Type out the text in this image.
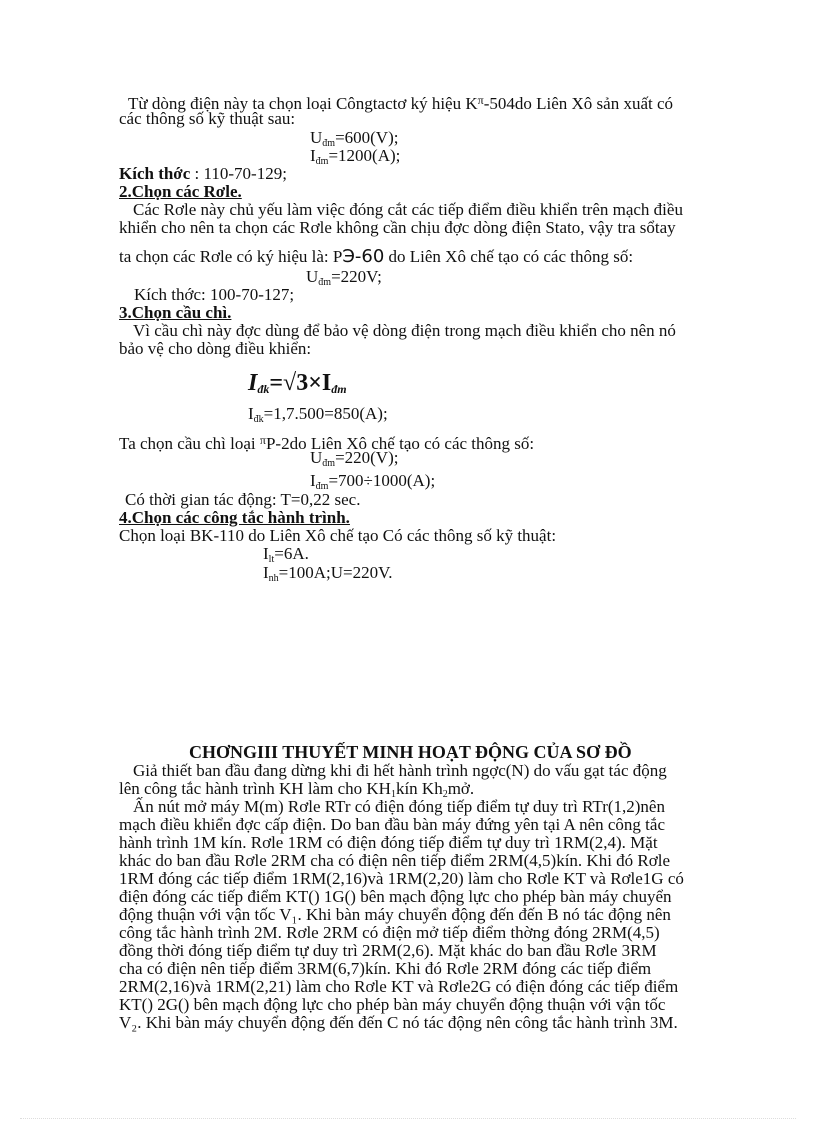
Từ dòng điện này ta chọn loại Côngtactơ ký hiệu $K^\pi-504do$ Liên Xô sản xuất có
các thông số kỹ thuật sau:
$U_{đm}=600(V)$;
$I_{đm}=1200(A)$;
Kích thớc : 110-70-129;
2.Chọn các Rơle.
Các Rơle này chủ yếu làm việc đóng cắt các tiếp điểm điều khiển trên mạch điều
khiển cho nên ta chọn các Rơle không cần chịu đợc dòng điện Stato, vậy tra sổtay
ta chọn các Rơle có ký hiệu là: PЭ-60 do Liên Xô chế tạo có các thông số:
$U_{đm}=220V$;
Kích thớc: 100-70-127;
3.Chọn cầu chì.
Vì cầu chì này đợc dùng để bảo vệ dòng điện trong mạch điều khiển cho nên nó
bảo vệ cho dòng điều khiển:
$I_{đk}=√3\times I_{đm}$
$I_{đk}=1,7.500=850(A)$;
Ta chọn cầu chì loại $^\pi$P-2do Liên Xô chế tạo có các thông số:
$U_{đm}=220(V)$;
$I_{đm}=700\div 1000(A)$;
Có thời gian tác động: T=0,22 sec.
4.Chọn các công tắc hành trình.
Chọn loại BK-110 do Liên Xô chế tạo Có các thông số kỹ thuật:
$I_{lt}=6A$.
$I_{nh}=100A;U=220V$.
CHƠNGIII THUYẾT MINH HOẠT ĐỘNG CỦA SƠ ĐỒ
Giả thiết ban đầu đang dừng khi đi hết hành trình ngợc(N) do vấu gạt tác động
lên công tắc hành trình KH làm cho $KH_1kín$ $Kh_2mở$.
Ấn nút mở máy M(m) Rơle RTr có điện đóng tiếp điểm tự duy trì RTr(1,2)nên
mạch điều khiển đợc cấp điện. Do ban đầu bàn máy đứng yên tại A nên công tắc
hành trình 1M kín. Rơle 1RM có điện đóng tiếp điểm tự duy trì 1RM(2,4). Mặt
khác do ban đầu Rơle 2RM cha có điện nên tiếp điểm 2RM(4,5)kín. Khi đó Rơle
1RM đóng các tiếp điểm 1RM(2,16)và 1RM(2,20) làm cho Rơle KT và Rơle1G có
điện đóng các tiếp điểm KT() 1G() bên mạch động lực cho phép bàn máy chuyển
động thuận với vận tốc V₁. Khi bàn máy chuyển động đến đến B nó tác động nên
công tắc hành trình 2M. Rơle 2RM có điện mở tiếp điểm thờng đóng 2RM(4,5)
đồng thời đóng tiếp điểm tự duy trì 2RM(2,6). Mặt khác do ban đầu Rơle 3RM
cha có điện nên tiếp điểm 3RM(6,7)kín. Khi đó Rơle 2RM đóng các tiếp điểm
2RM(2,16)và 1RM(2,21) làm cho Rơle KT và Rơle2G có điện đóng các tiếp điểm
KT() 2G() bên mạch động lực cho phép bàn máy chuyển động thuận với vận tốc
V₂. Khi bàn máy chuyển động đến đến C nó tác động nên công tắc hành trình 3M.
